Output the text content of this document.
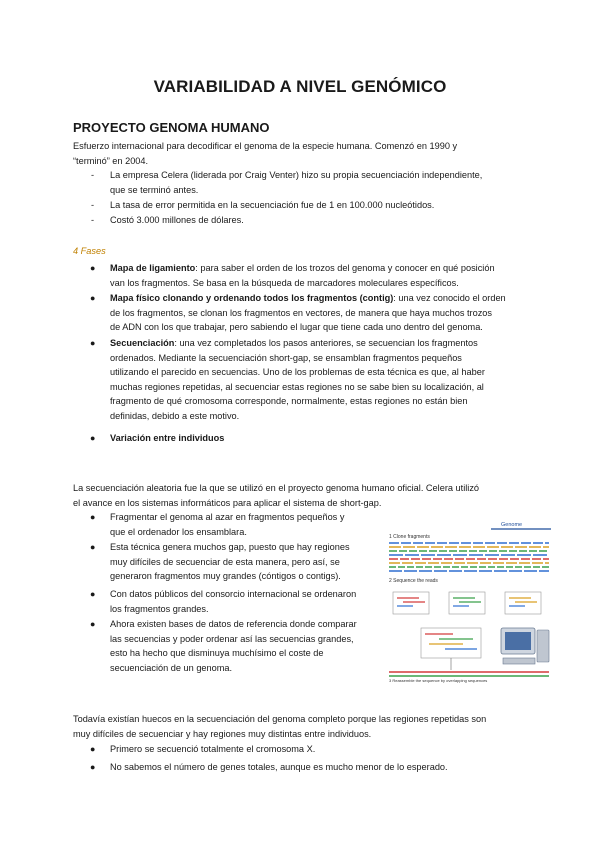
VARIABILIDAD A NIVEL GENÓMICO
PROYECTO GENOMA HUMANO
Esfuerzo internacional para decodificar el genoma de la especie humana. Comenzó en 1990 y
“terminó” en 2004.
- La empresa Celera (liderada por Craig Venter) hizo su propia secuenciación independiente,
que se terminó antes.
- La tasa de error permitida en la secuenciación fue de 1 en 100.000 nucleótidos.
- Costó 3.000 millones de dólares.
4 Fases
● Mapa de ligamiento: para saber el orden de los trozos del genoma y conocer en qué posición
van los fragmentos. Se basa en la búsqueda de marcadores moleculares específicos.
● Mapa físico clonando y ordenando todos los fragmentos (contig): una vez conocido el orden
de los fragmentos, se clonan los fragmentos en vectores, de manera que haya muchos trozos
de ADN con los que trabajar, pero sabiendo el lugar que tiene cada uno dentro del genoma.
● Secuenciación: una vez completados los pasos anteriores, se secuencian los fragmentos
ordenados. Mediante la secuenciación short-gap, se ensamblan fragmentos pequeños
utilizando el parecido en secuencias. Uno de los problemas de esta técnica es que, al haber
muchas regiones repetidas, al secuenciar estas regiones no se sabe bien su localización, al
fragmento de qué cromosoma corresponde, normalmente, estas regiones no están bien
definidas, debido a este motivo.
● Variación entre individuos
La secuenciación aleatoria fue la que se utilizó en el proyecto genoma humano oficial. Celera utilizó
el avance en los sistemas informáticos para aplicar el sistema de short-gap.
● Fragmentar el genoma al azar en fragmentos pequeños y
que el ordenador los ensamblara.
● Esta técnica genera muchos gap, puesto que hay regiones
muy difíciles de secuenciar de esta manera, pero así, se
generaron fragmentos muy grandes (cóntigos o contigs).
● Con datos públicos del consorcio internacional se ordenaron
los fragmentos grandes.
● Ahora existen bases de datos de referencia donde comparar
las secuencias y poder ordenar así las secuencias grandes,
esto ha hecho que disminuya muchísimo el coste de
secuenciación de un genoma.
Genome
1 Clone fragments
2 Sequence the reads
3 Reassemble the sequence by overlapping sequences
Todavía existían huecos en la secuenciación del genoma completo porque las regiones repetidas son
muy difíciles de secuenciar y hay regiones muy distintas entre individuos.
● Primero se secuenció totalmente el cromosoma X.
● No sabemos el número de genes totales, aunque es mucho menor de lo esperado.
